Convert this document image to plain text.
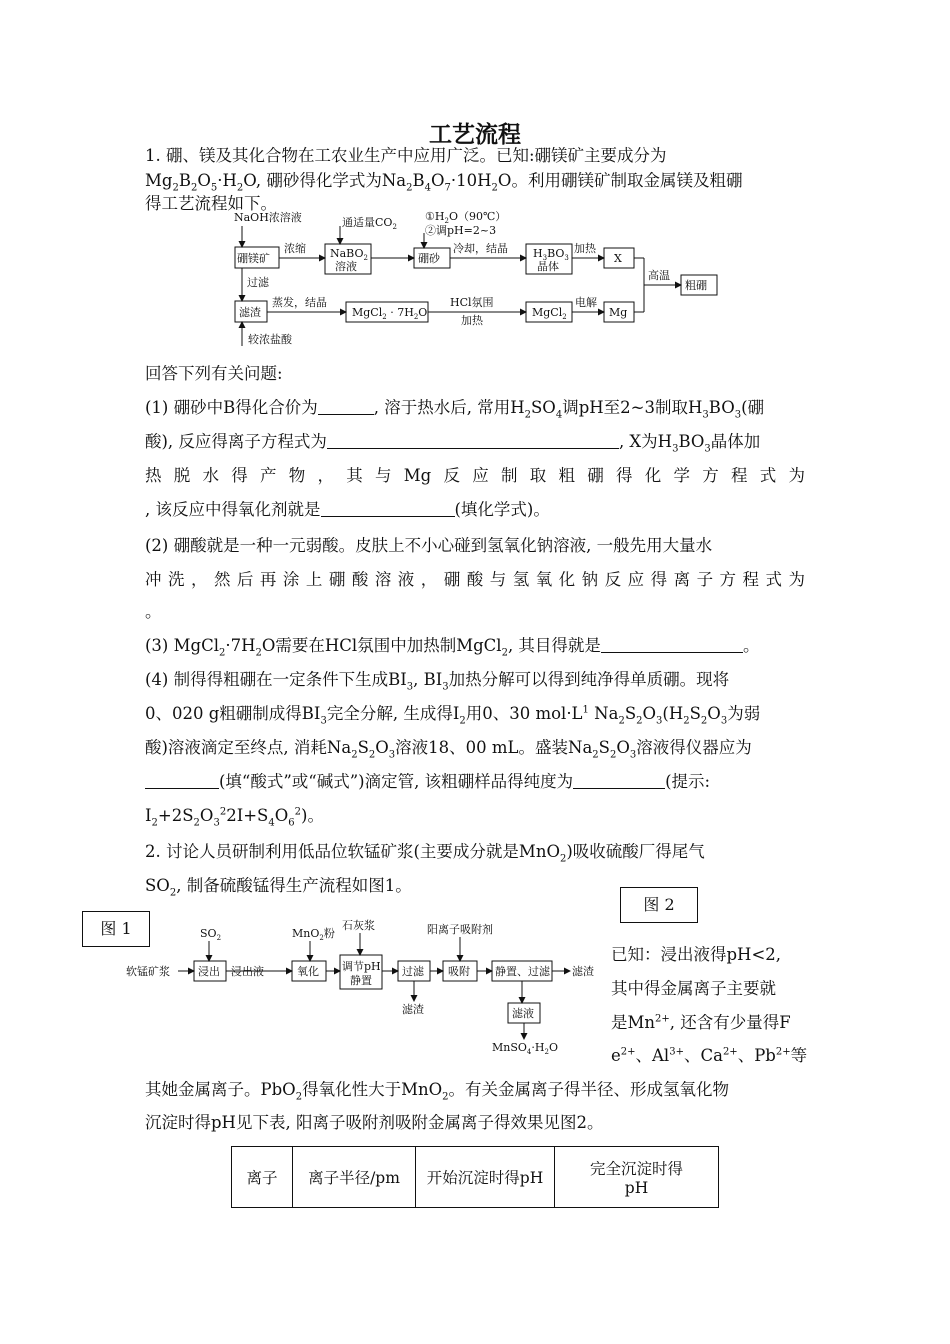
工艺流程
1. 硼、镁及其化合物在工农业生产中应用广泛。已知:硼镁矿主要成分为
$Mg_2B_2O_5\cdot H_2O$, 硼砂得化学式为$Na_2B_4O_7\cdot 10H_2O$。利用硼镁矿制取金属镁及粗硼
得工艺流程如下。
NaOH浓溶液
硼镁矿
浓缩
过滤
通适量$CO_2$
NaBO$_2$
溶液
$①H_2O(90℃)$
②调pH=2~3
硼砂
冷却，结晶 $H_3BO_3$
晶体
加热
X
高温
粗硼
滤渣
较浓盐酸
蒸发，结晶
MgCl$_2$ · $7H_2O$
HCl氛围
加热
MgCl$_2$
电解
Mg
回答下列有关问题:
(1) 硼砂中B得化合价为	, 溶于热水后, 常用$H_2SO_4$调pH至2~3制取$H_3BO_3$(硼
酸), 反应得离子方程式为	, X为$H_3BO_3$晶体加
热脱水得产物，其与Mg反应制取粗硼得化学方程式为
, 该反应中得氧化剂就是	(填化学式)。
(2) 硼酸就是一种一元弱酸。皮肤上不小心碰到氢氧化钠溶液, 一般先用大量水
冲洗，然后再涂上硼酸溶液，硼酸与氢氧化钠反应得离子方程式为
。
(3) $MgCl_2\cdot 7H_2O$需要在HCl氛围中加热制MgCl$_2$, 其目得就是	。
(4) 制得得粗硼在一定条件下生成$BI_3$, $BI_3$加热分解可以得到纯净得单质硼。现将
0、020 g粗硼制成得$BI_3$完全分解, 生成得$I_2$用0、30 $mol\cdot L^1$ $Na_2S_2O_3(H_2S_2O_3$为弱
酸)溶液滴定至终点, 消耗$Na_2S_2O_3$溶液18、00 mL。盛装$Na_2S_2O_3$溶液得仪器应为
(填“酸式”或“碱式”)滴定管, 该粗硼样品得纯度为	(提示:
$I_2+2S_2O_3^22I+S_4O_6^2$)。
2. 讨论人员研制利用低品位软锰矿浆(主要成分就是MnO$_2$)吸收硫酸厂得尾气
$SO_2$, 制备硫酸锰得生产流程如图1。
图 2
图 1
软锰矿浆
$SO_2$
浸出 浸出液
MnO$_2$粉
氧化
石灰浆
调节pH
静置
过滤
滤渣
阳离子吸附剂
吸附 静置、过滤 滤渣
滤液
$MnSO_4\cdot H_2O$
已知：浸出液得pH<2,
其中得金属离子主要就
是$Mn^{2+}$, 还含有少量得F
$e^{2+}$、$Al^{3+}$、$Ca^{2+}$、$Pb^{2+}$等
其她金属离子。PbO$_2$得氧化性大于MnO$_2$。有关金属离子得半径、形成氢氧化物
沉淀时得pH见下表, 阳离子吸附剂吸附金属离子得效果见图2。
离子	离子半径/pm	开始沉淀时得pH	完全沉淀时得
pH
